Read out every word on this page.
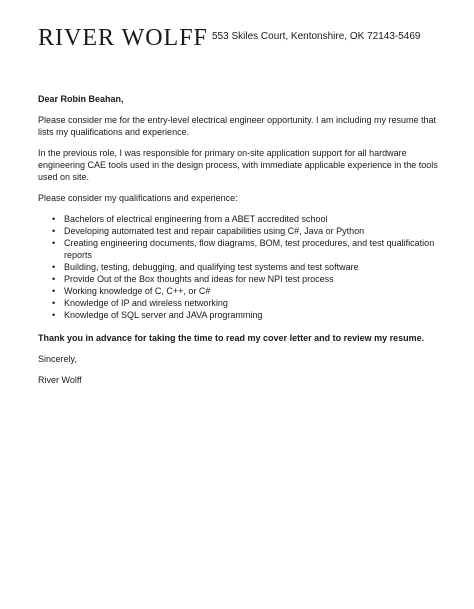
RIVER WOLFF 553 Skiles Court, Kentonshire, OK 72143-5469

Dear Robin Beahan,

Please consider me for the entry-level electrical engineer opportunity. I am including my resume that lists my qualifications and experience.

In the previous role, I was responsible for primary on-site application support for all hardware engineering CAE tools used in the design process, with immediate applicable experience in the tools used on site.

Please consider my qualifications and experience:

• Bachelors of electrical engineering from a ABET accredited school
• Developing automated test and repair capabilities using C#, Java or Python
• Creating engineering documents, flow diagrams, BOM, test procedures, and test qualification reports
• Building, testing, debugging, and qualifying test systems and test software
• Provide Out of the Box thoughts and ideas for new NPI test process
• Working knowledge of C, C++, or C#
• Knowledge of IP and wireless networking
• Knowledge of SQL server and JAVA programming

Thank you in advance for taking the time to read my cover letter and to review my resume.

Sincerely,

River Wolff
